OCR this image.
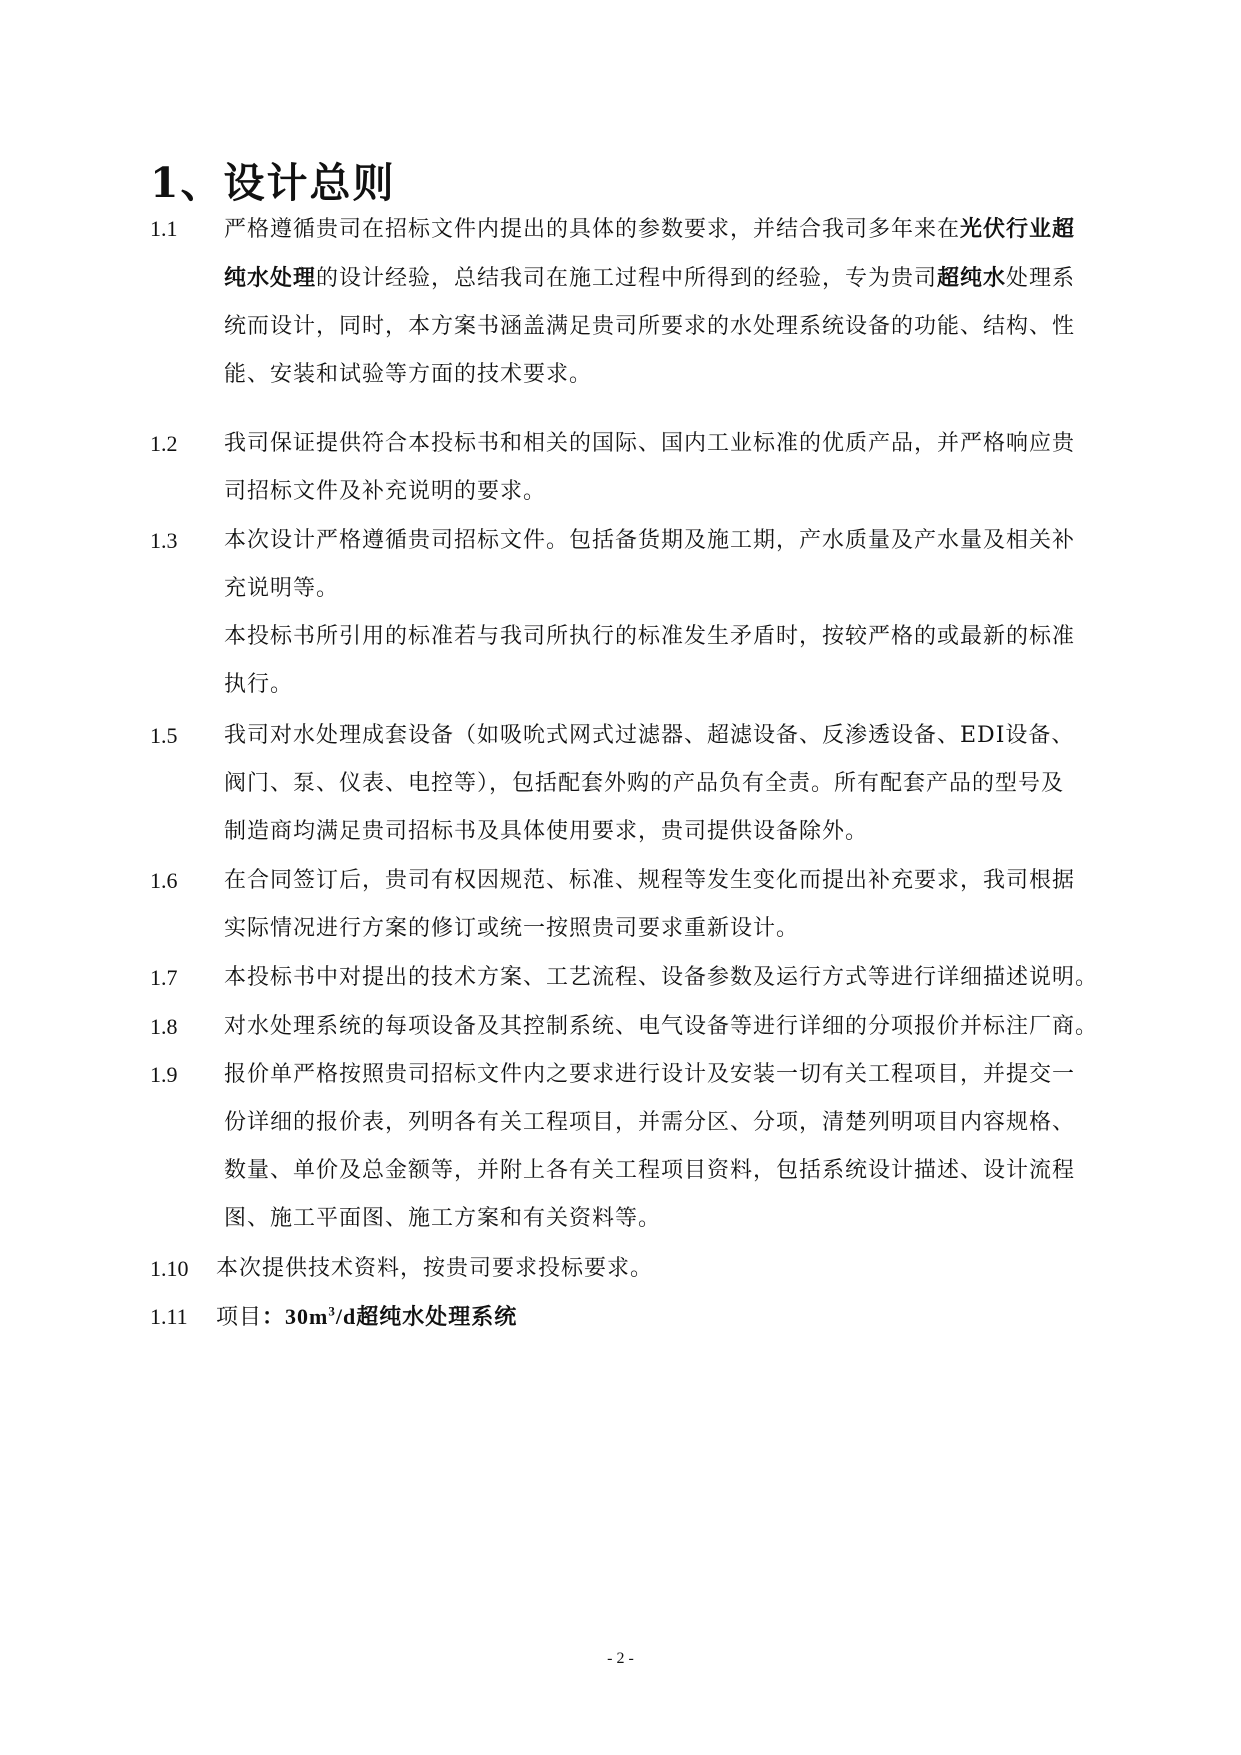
1、设计总则
1.1 严格遵循贵司在招标文件内提出的具体的参数要求，并结合我司多年来在光伏行业超
纯水处理的设计经验，总结我司在施工过程中所得到的经验，专为贵司超纯水处理系
统而设计，同时，本方案书涵盖满足贵司所要求的水处理系统设备的功能、结构、性
能、安装和试验等方面的技术要求。
1.2 我司保证提供符合本投标书和相关的国际、国内工业标准的优质产品，并严格响应贵
司招标文件及补充说明的要求。
1.3 本次设计严格遵循贵司招标文件。包括备货期及施工期，产水质量及产水量及相关补
充说明等。
本投标书所引用的标准若与我司所执行的标准发生矛盾时，按较严格的或最新的标准
执行。
1.5 我司对水处理成套设备（如吸吮式网式过滤器、超滤设备、反渗透设备、EDI设备、
阀门、泵、仪表、电控等），包括配套外购的产品负有全责。所有配套产品的型号及
制造商均满足贵司招标书及具体使用要求，贵司提供设备除外。
1.6 在合同签订后，贵司有权因规范、标准、规程等发生变化而提出补充要求，我司根据
实际情况进行方案的修订或统一按照贵司要求重新设计。
1.7 本投标书中对提出的技术方案、工艺流程、设备参数及运行方式等进行详细描述说明。
1.8 对水处理系统的每项设备及其控制系统、电气设备等进行详细的分项报价并标注厂商。
1.9 报价单严格按照贵司招标文件内之要求进行设计及安装一切有关工程项目，并提交一
份详细的报价表，列明各有关工程项目，并需分区、分项，清楚列明项目内容规格、
数量、单价及总金额等，并附上各有关工程项目资料，包括系统设计描述、设计流程
图、施工平面图、施工方案和有关资料等。
1.10 本次提供技术资料，按贵司要求投标要求。
1.11 项目：$30m^3/d$超纯水处理系统
- 2 -
